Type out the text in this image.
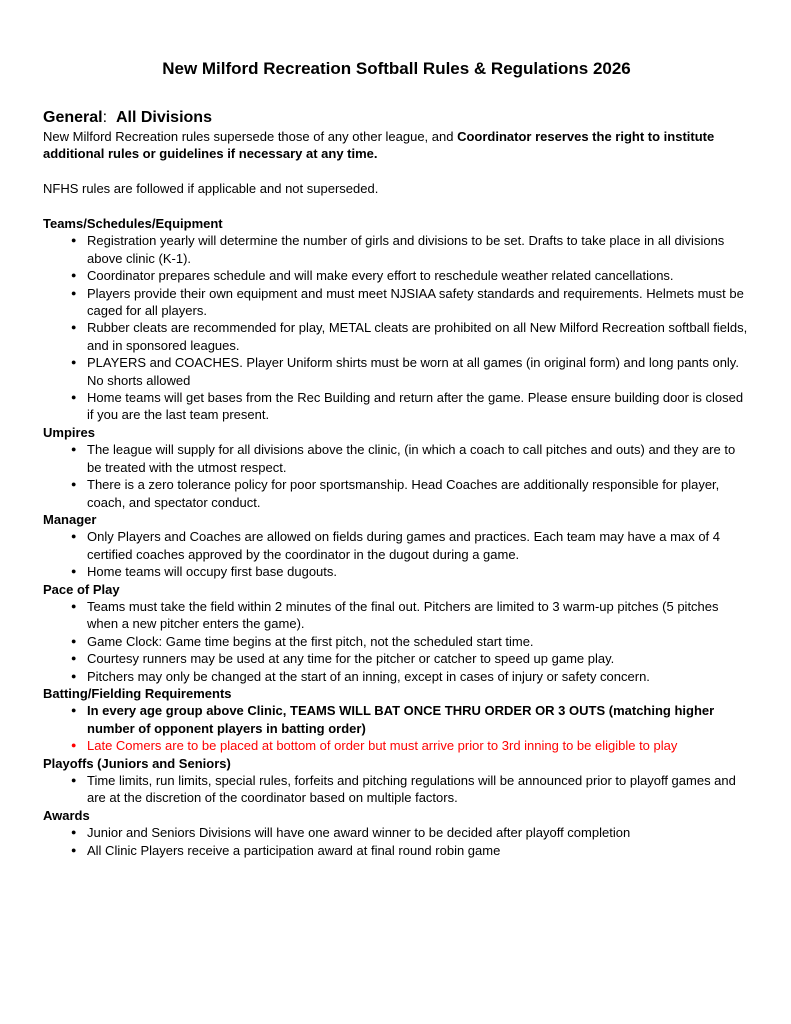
New Milford Recreation Softball Rules & Regulations 2026
General:  All Divisions

New Milford Recreation rules supersede those of any other league, and Coordinator reserves the right to institute additional rules or guidelines if necessary at any time.

NFHS rules are followed if applicable and not superseded.

Teams/Schedules/Equipment
● Registration yearly will determine the number of girls and divisions to be set. Drafts to take place in all divisions above clinic (K-1).
● Coordinator prepares schedule and will make every effort to reschedule weather related cancellations.
● Players provide their own equipment and must meet NJSIAA safety standards and requirements. Helmets must be caged for all players.
● Rubber cleats are recommended for play, METAL cleats are prohibited on all New Milford Recreation softball fields, and in sponsored leagues.
● PLAYERS and COACHES. Player Uniform shirts must be worn at all games (in original form) and long pants only. No shorts allowed
● Home teams will get bases from the Rec Building and return after the game. Please ensure building door is closed if you are the last team present.
Umpires
● The league will supply for all divisions above the clinic, (in which a coach to call pitches and outs) and they are to be treated with the utmost respect.
● There is a zero tolerance policy for poor sportsmanship. Head Coaches are additionally responsible for player, coach, and spectator conduct.
Manager
● Only Players and Coaches are allowed on fields during games and practices. Each team may have a max of 4 certified coaches approved by the coordinator in the dugout during a game.
● Home teams will occupy first base dugouts.
Pace of Play
● Teams must take the field within 2 minutes of the final out. Pitchers are limited to 3 warm-up pitches (5 pitches when a new pitcher enters the game).
● Game Clock: Game time begins at the first pitch, not the scheduled start time.
● Courtesy runners may be used at any time for the pitcher or catcher to speed up game play.
● Pitchers may only be changed at the start of an inning, except in cases of injury or safety concern.
Batting/Fielding Requirements
● In every age group above Clinic, TEAMS WILL BAT ONCE THRU ORDER OR 3 OUTS (matching higher number of opponent players in batting order)
● Late Comers are to be placed at bottom of order but must arrive prior to 3rd inning to be eligible to play
Playoffs (Juniors and Seniors)
● Time limits, run limits, special rules, forfeits and pitching regulations will be announced prior to playoff games and are at the discretion of the coordinator based on multiple factors.
Awards
● Junior and Seniors Divisions will have one award winner to be decided after playoff completion
● All Clinic Players receive a participation award at final round robin game
